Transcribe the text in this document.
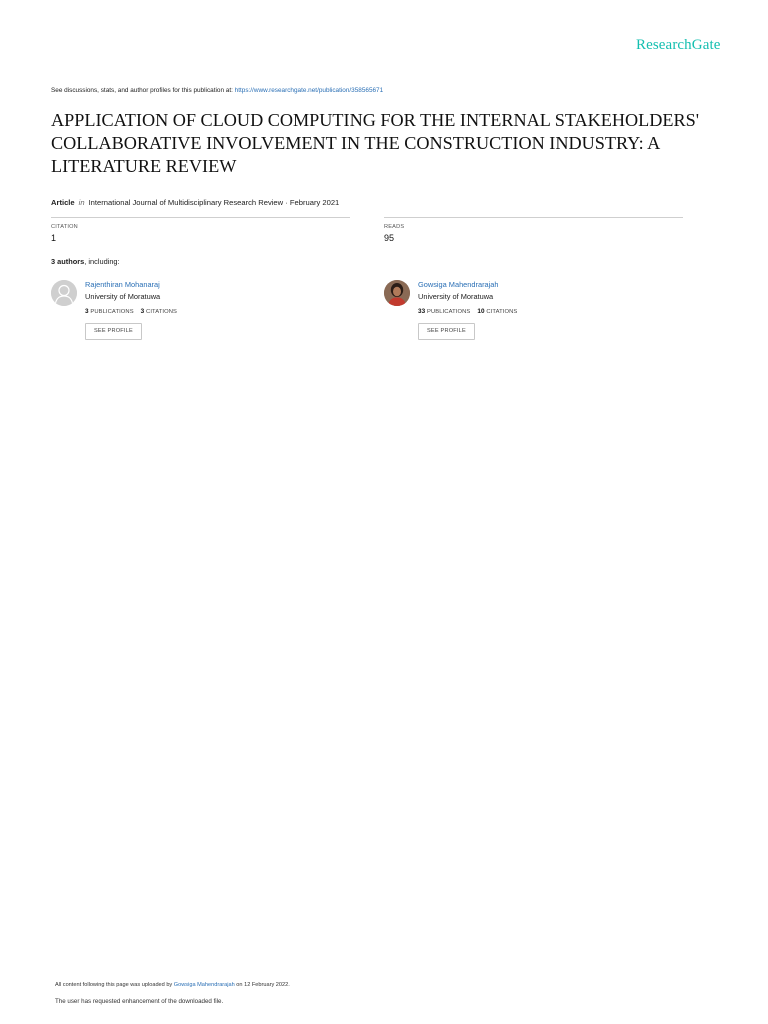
ResearchGate
See discussions, stats, and author profiles for this publication at: https://www.researchgate.net/publication/358565671
APPLICATION OF CLOUD COMPUTING FOR THE INTERNAL STAKEHOLDERS' COLLABORATIVE INVOLVEMENT IN THE CONSTRUCTION INDUSTRY: A LITERATURE REVIEW
Article in International Journal of Multidisciplinary Research Review · February 2021
CITATION
1
READS
95
3 authors, including:
Rajenthiran Mohanaraj
University of Moratuwa
3 PUBLICATIONS 3 CITATIONS
SEE PROFILE
Gowsiga Mahendrarajah
University of Moratuwa
33 PUBLICATIONS 10 CITATIONS
SEE PROFILE
All content following this page was uploaded by Gowsiga Mahendrarajah on 12 February 2022.
The user has requested enhancement of the downloaded file.
